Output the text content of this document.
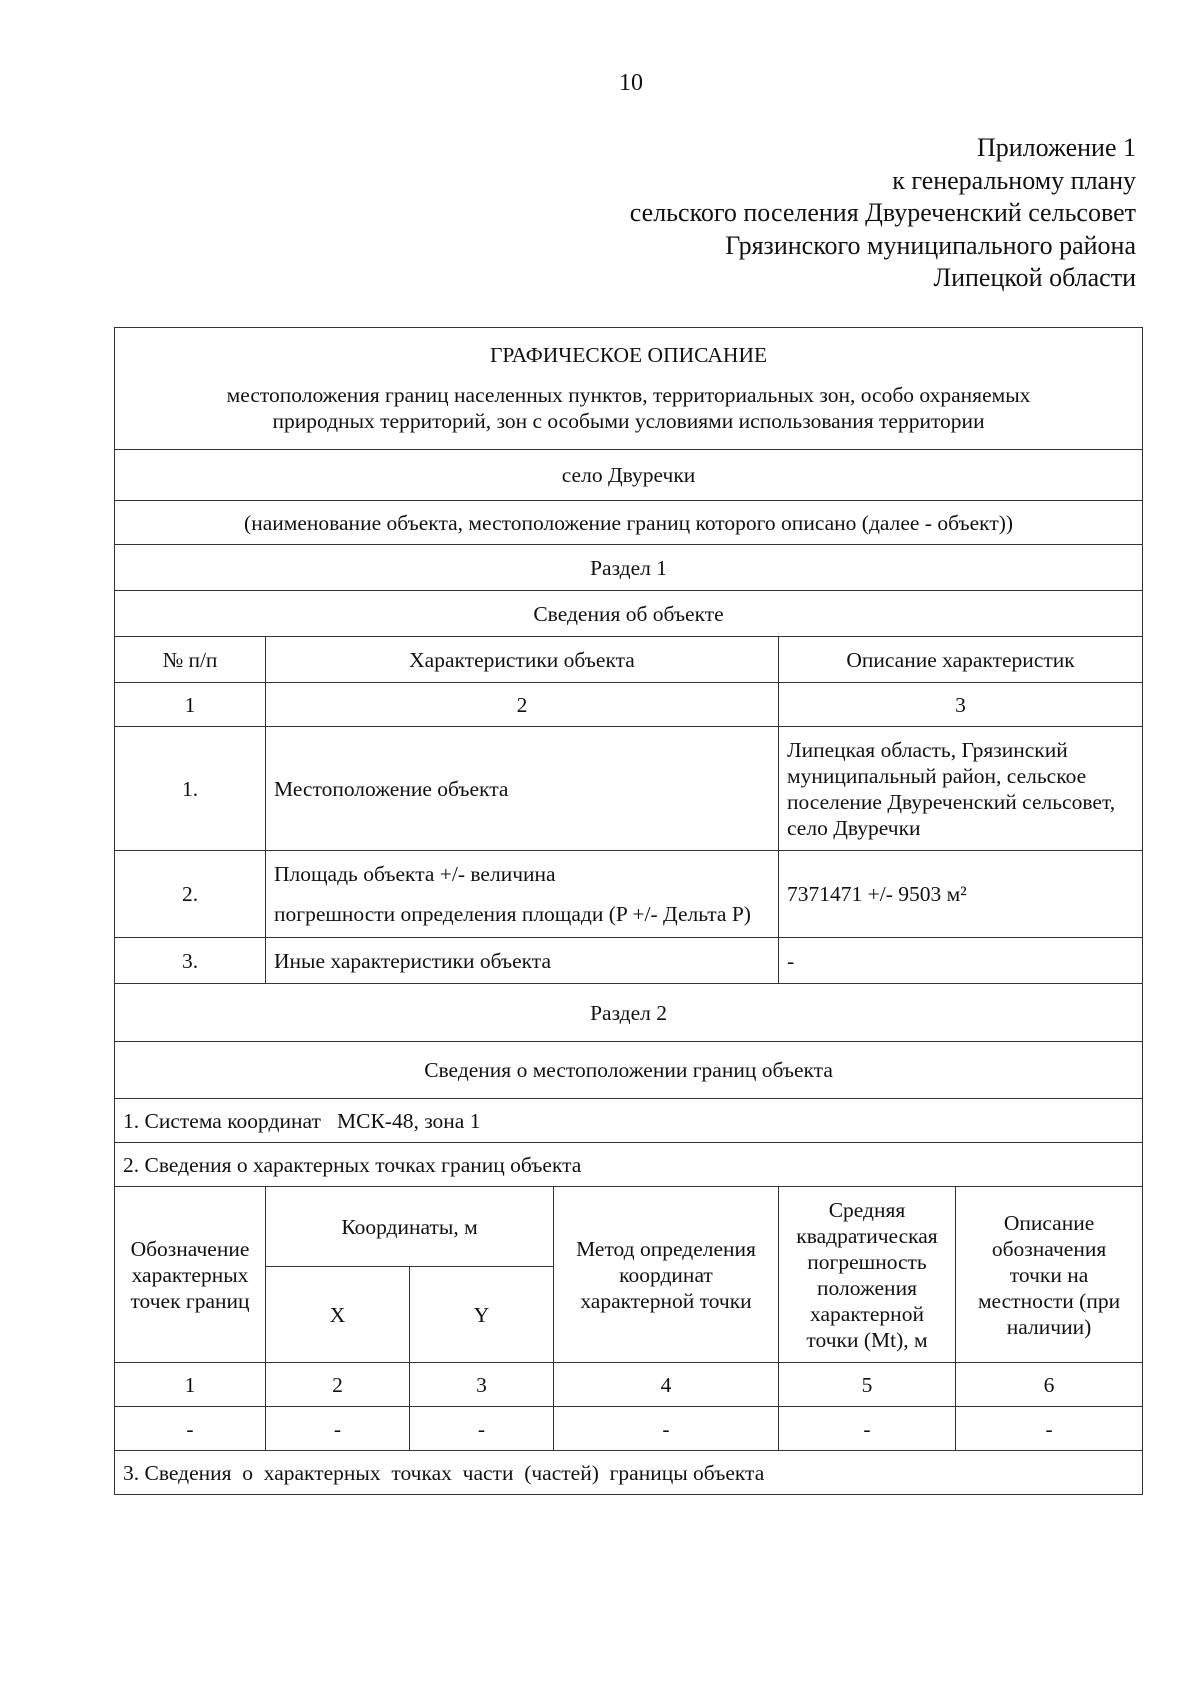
10
Приложение 1
к генеральному плану
сельского поселения Двуреченский сельсовет
Грязинского муниципального района
Липецкой области
ГРАФИЧЕСКОЕ ОПИСАНИЕ
местоположения границ населенных пунктов, территориальных зон, особо охраняемых
природных территорий, зон с особыми условиями использования территории					

село Двуречки					
(наименование объекта, местоположение границ которого описано (далее - объект))					
Раздел 1					
Сведения об объекте					
№ п/п	Характеристики объекта			Описание характеристик	
1	2			3	
1.	Местоположение объекта			Липецкая область, Грязинский муниципальный район, сельское поселение Двуреченский сельсовет, село Двуречки	
2.	Площадь объекта +/- величина
погрешности определения площади (P +/- Дельта P)			7371471 +/- 9503 м²	
3.	Иные характеристики объекта			-	
Раздел 2					
Сведения о местоположении границ объекта					
1. Система координат   МСК-48, зона 1					
2. Сведения о характерных точках границ объекта					
Обозначение характерных точек границ	Координаты, м		Метод определения координат характерной точки	Средняя квадратическая погрешность положения характерной точки (Mt), м	Описание обозначения точки на местности (при наличии)
	X	Y			
1	2	3	4	5	6
-	-	-	-	-	-
3. Сведения  о  характерных  точках  части  (частей)  границы объекта					
